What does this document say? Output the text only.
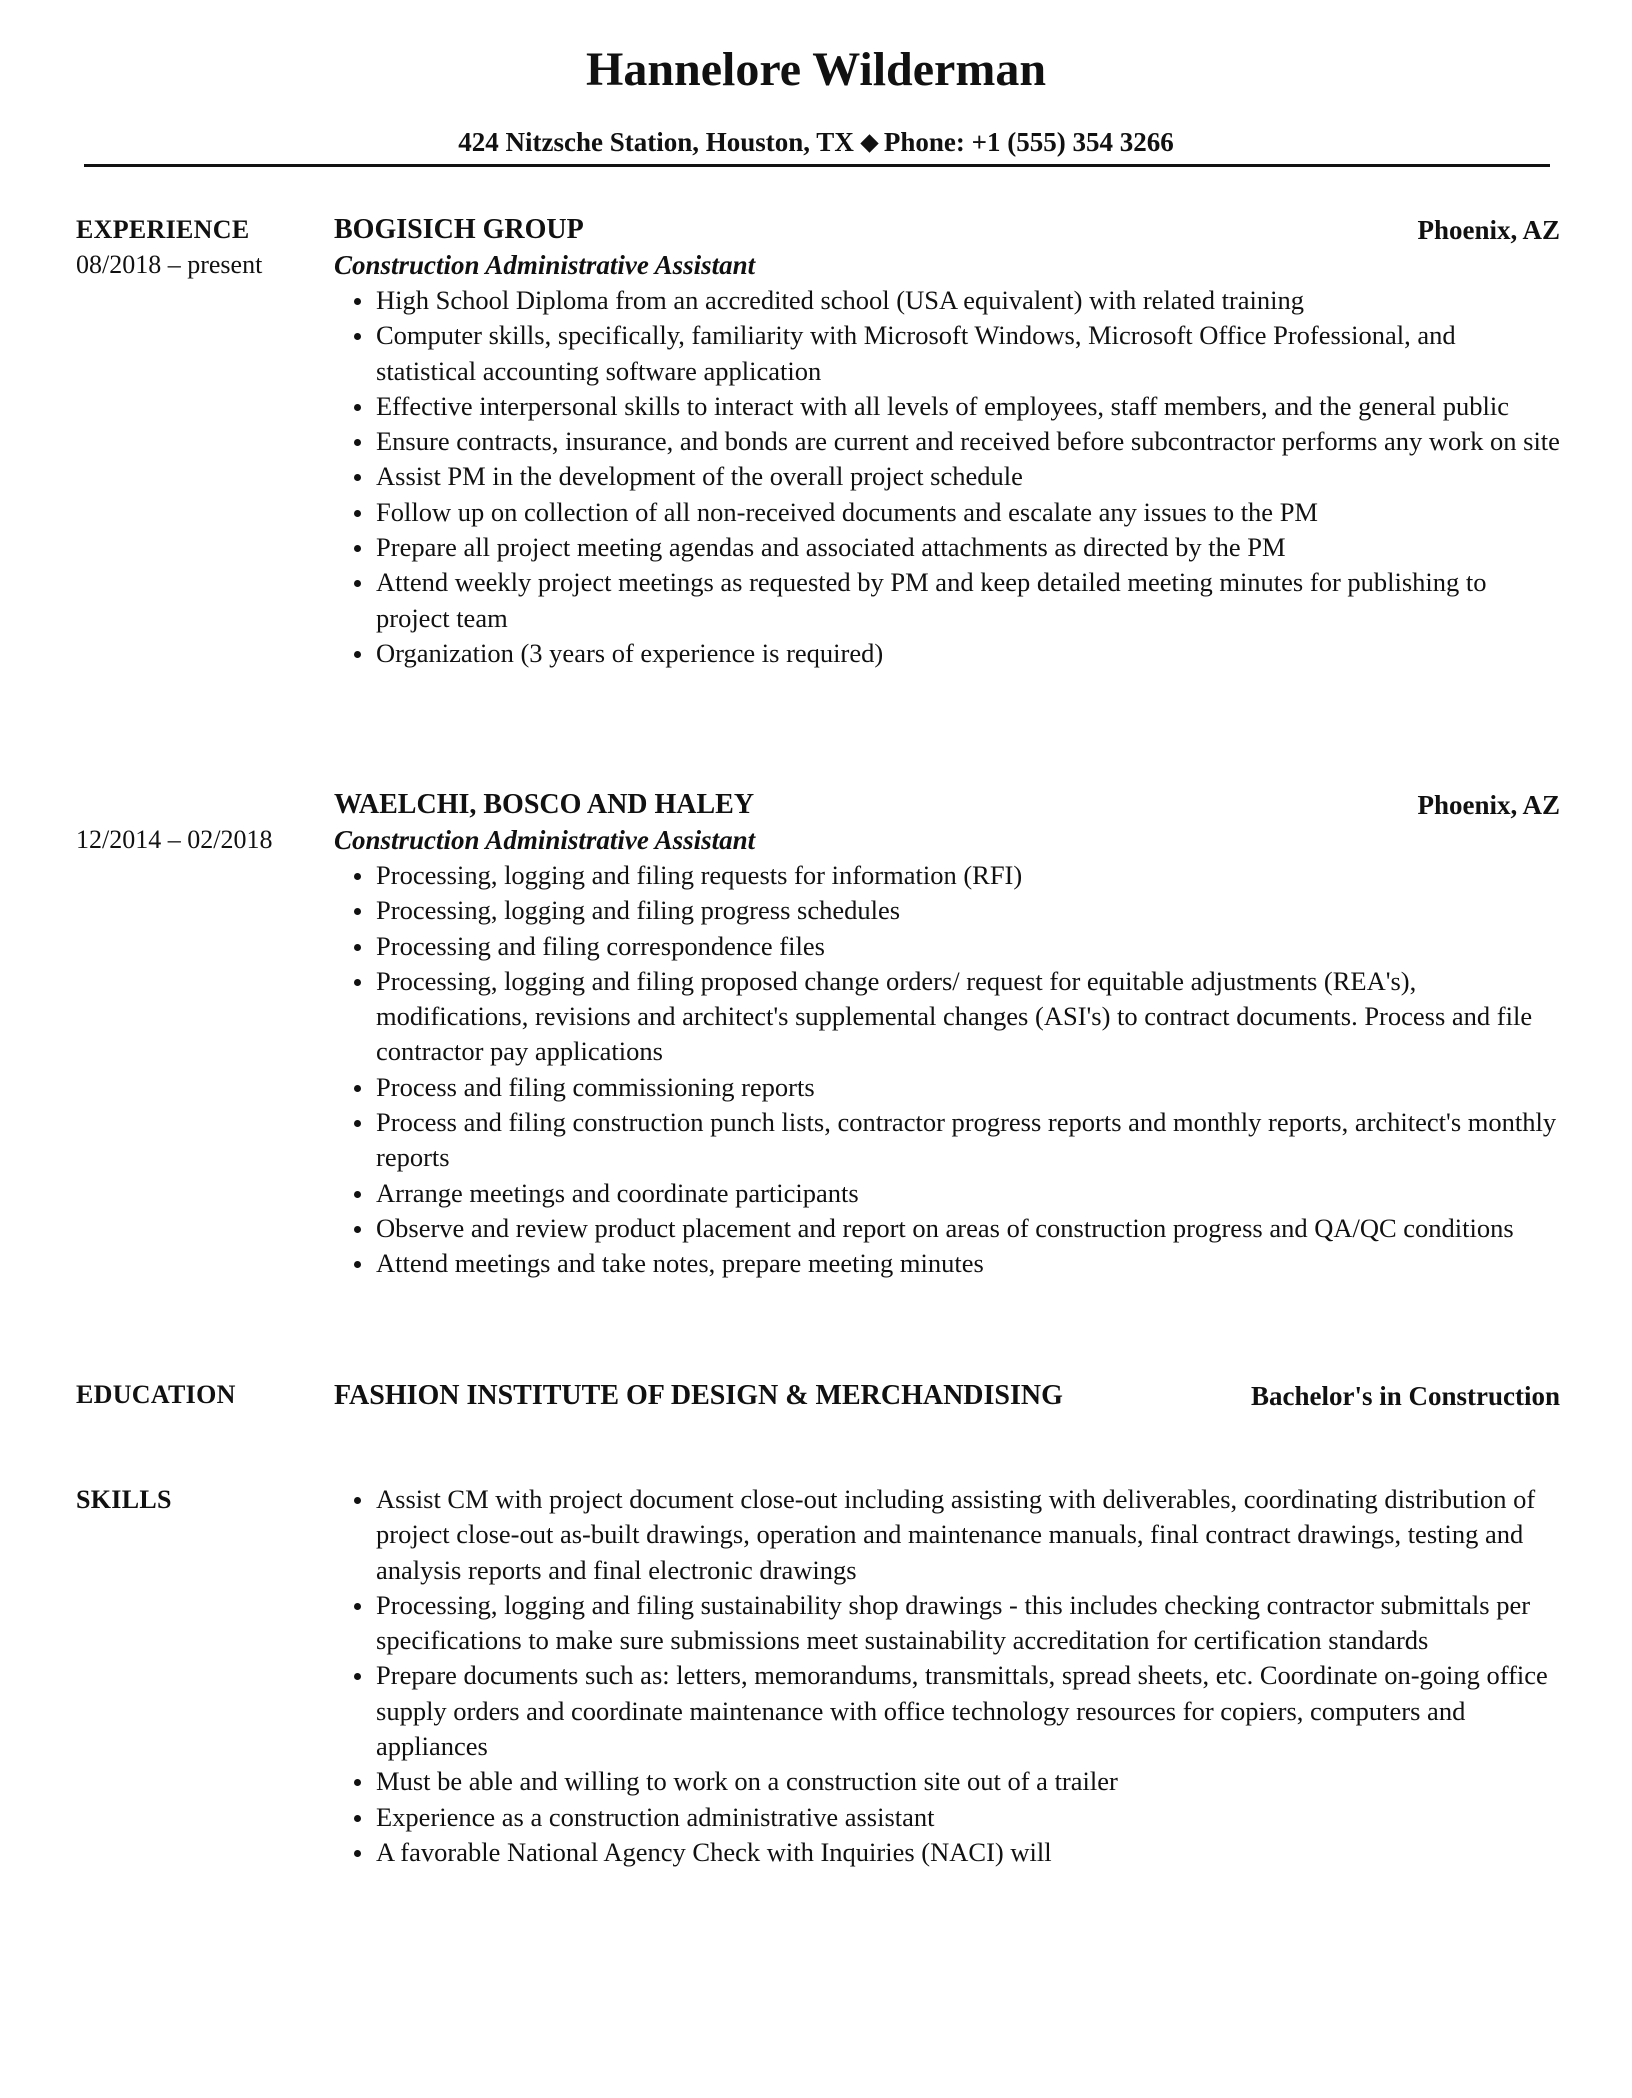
Hannelore Wilderman
424 Nitzsche Station, Houston, TX Phone: +1 (555) 354 3266
EXPERIENCE
08/2018 – present
BOGISICH GROUP	Phoenix, AZ
Construction Administrative Assistant
High School Diploma from an accredited school (USA equivalent) with related training
Computer skills, specifically, familiarity with Microsoft Windows, Microsoft Office Professional, and statistical accounting software application
Effective interpersonal skills to interact with all levels of employees, staff members, and the general public
Ensure contracts, insurance, and bonds are current and received before subcontractor performs any work on site
Assist PM in the development of the overall project schedule
Follow up on collection of all non-received documents and escalate any issues to the PM
Prepare all project meeting agendas and associated attachments as directed by the PM
Attend weekly project meetings as requested by PM and keep detailed meeting minutes for publishing to project team
Organization (3 years of experience is required)
12/2014 – 02/2018
WAELCHI, BOSCO AND HALEY	Phoenix, AZ
Construction Administrative Assistant
Processing, logging and filing requests for information (RFI)
Processing, logging and filing progress schedules
Processing and filing correspondence files
Processing, logging and filing proposed change orders/ request for equitable adjustments (REA's), modifications, revisions and architect's supplemental changes (ASI's) to contract documents. Process and file contractor pay applications
Process and filing commissioning reports
Process and filing construction punch lists, contractor progress reports and monthly reports, architect's monthly reports
Arrange meetings and coordinate participants
Observe and review product placement and report on areas of construction progress and QA/QC conditions
Attend meetings and take notes, prepare meeting minutes
EDUCATION	FASHION INSTITUTE OF DESIGN & MERCHANDISING	Bachelor's in Construction
SKILLS	Assist CM with project document close-out including assisting with deliverables, coordinating distribution of project close-out as-built drawings, operation and maintenance manuals, final contract drawings, testing and analysis reports and final electronic drawings
Processing, logging and filing sustainability shop drawings - this includes checking contractor submittals per specifications to make sure submissions meet sustainability accreditation for certification standards
Prepare documents such as: letters, memorandums, transmittals, spread sheets, etc. Coordinate on-going office supply orders and coordinate maintenance with office technology resources for copiers, computers and appliances
Must be able and willing to work on a construction site out of a trailer
Experience as a construction administrative assistant
A favorable National Agency Check with Inquiries (NACI) will
